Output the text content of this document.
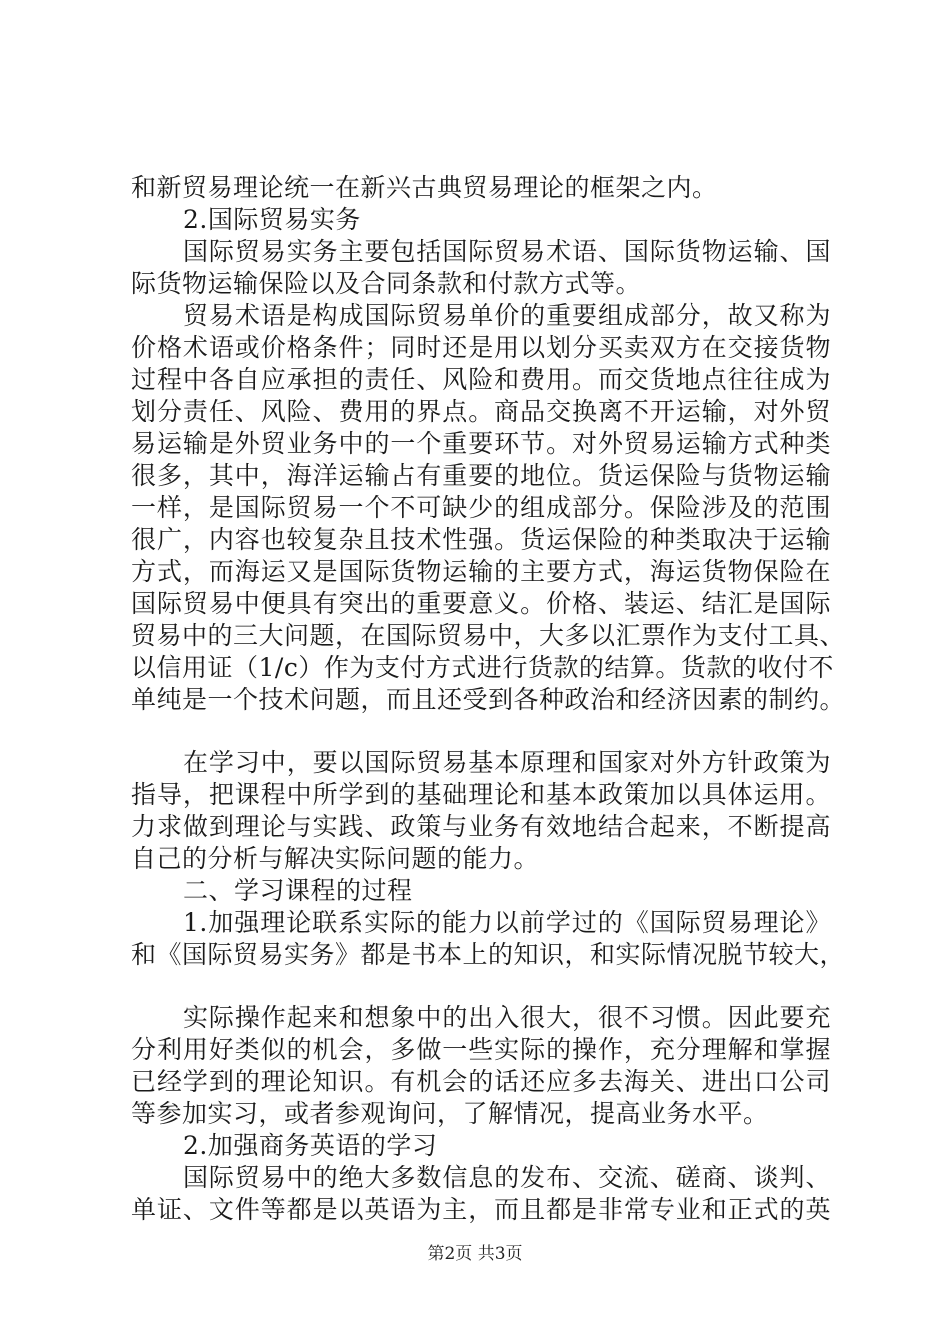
和新贸易理论统一在新兴古典贸易理论的框架之内。
2.国际贸易实务
国际贸易实务主要包括国际贸易术语、国际货物运输、国
际货物运输保险以及合同条款和付款方式等。
贸易术语是构成国际贸易单价的重要组成部分，故又称为
价格术语或价格条件；同时还是用以划分买卖双方在交接货物
过程中各自应承担的责任、风险和费用。而交货地点往往成为
划分责任、风险、费用的界点。商品交换离不开运输，对外贸
易运输是外贸业务中的一个重要环节。对外贸易运输方式种类
很多，其中，海洋运输占有重要的地位。货运保险与货物运输
一样，是国际贸易一个不可缺少的组成部分。保险涉及的范围
很广，内容也较复杂且技术性强。货运保险的种类取决于运输
方式，而海运又是国际货物运输的主要方式，海运货物保险在
国际贸易中便具有突出的重要意义。价格、装运、结汇是国际
贸易中的三大问题，在国际贸易中，大多以汇票作为支付工具、
以信用证（1/c）作为支付方式进行货款的结算。货款的收付不
单纯是一个技术问题，而且还受到各种政治和经济因素的制约。
在学习中，要以国际贸易基本原理和国家对外方针政策为
指导，把课程中所学到的基础理论和基本政策加以具体运用。
力求做到理论与实践、政策与业务有效地结合起来，不断提高
自己的分析与解决实际问题的能力。
二、学习课程的过程
1.加强理论联系实际的能力以前学过的《国际贸易理论》
和《国际贸易实务》都是书本上的知识，和实际情况脱节较大，
实际操作起来和想象中的出入很大，很不习惯。因此要充
分利用好类似的机会，多做一些实际的操作，充分理解和掌握
已经学到的理论知识。有机会的话还应多去海关、进出口公司
等参加实习，或者参观询问，了解情况，提高业务水平。
2.加强商务英语的学习
国际贸易中的绝大多数信息的发布、交流、磋商、谈判、
单证、文件等都是以英语为主，而且都是非常专业和正式的英
第2页 共3页
